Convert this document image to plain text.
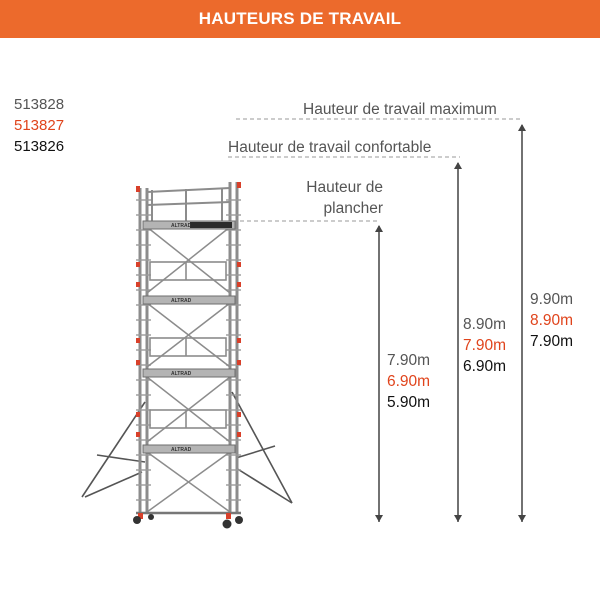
HAUTEURS DE TRAVAIL
513828
513827
513826
ALTRAD
ALTRAD
ALTRAD
ALTRAD
Hauteur de travail maximum
Hauteur de travail confortable
Hauteur de
plancher
7.90m
6.90m
5.90m
8.90m
7.90m
6.90m
9.90m
8.90m
7.90m
